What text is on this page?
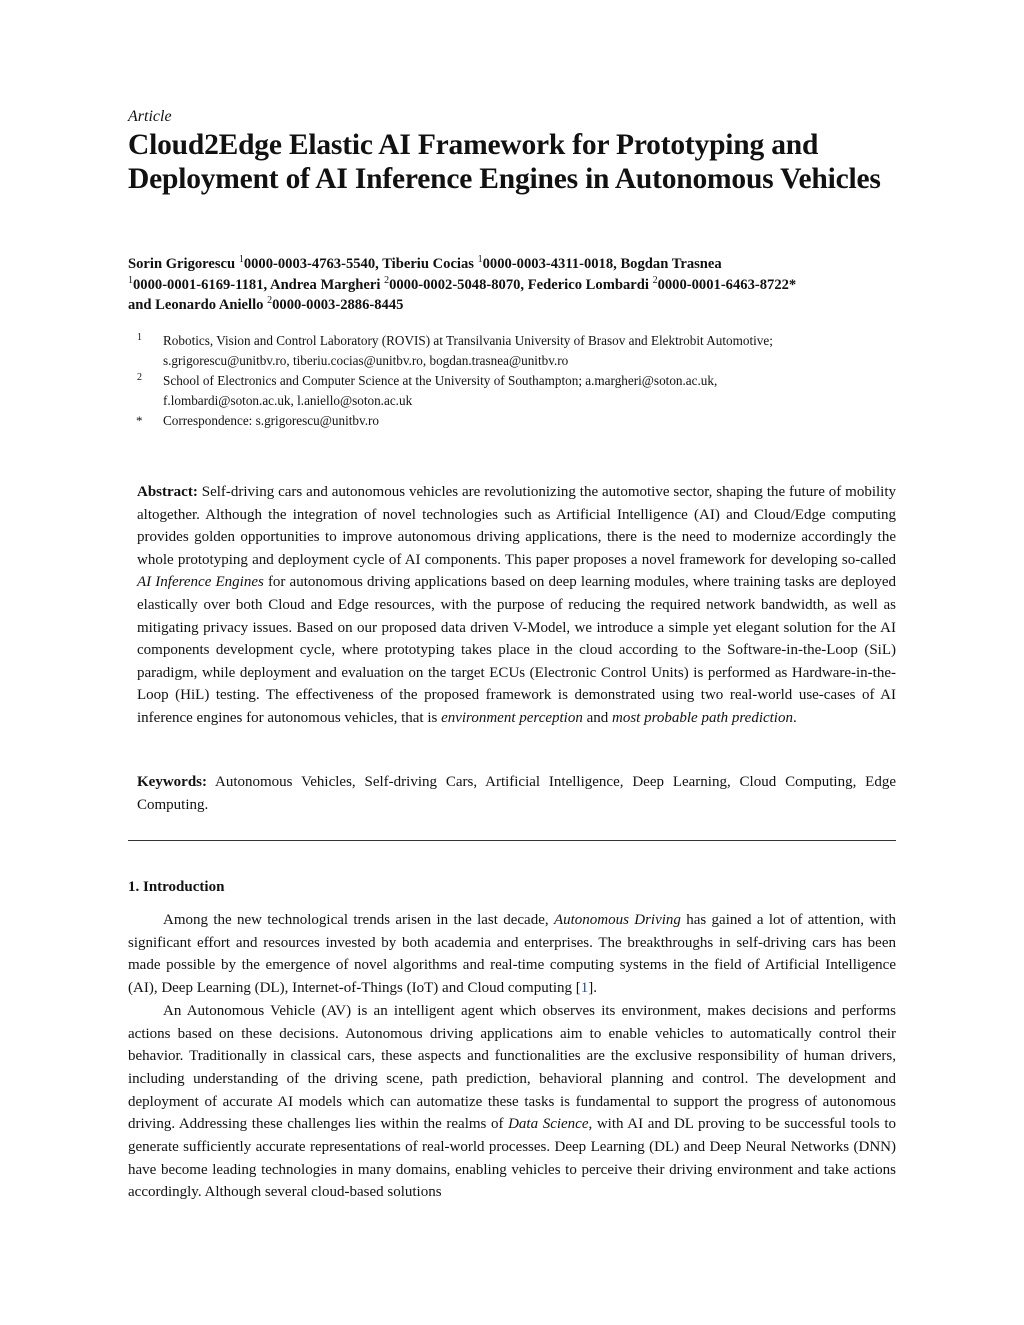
Article
Cloud2Edge Elastic AI Framework for Prototyping and Deployment of AI Inference Engines in Autonomous Vehicles
Sorin Grigorescu $^1$0000-0003-4763-5540, Tiberiu Cocias $^1$0000-0003-4311-0018, Bogdan Trasnea
$^1$0000-0001-6169-1181, Andrea Margheri $^2$0000-0002-5048-8070, Federico Lombardi $^2$0000-0001-6463-8722*
and Leonardo Aniello $^2$0000-0003-2886-8445
1 Robotics, Vision and Control Laboratory (ROVIS) at Transilvania University of Brasov and Elektrobit Automotive;
s.grigorescu@unitbv.ro, tiberiu.cocias@unitbv.ro, bogdan.trasnea@unitbv.ro
2 School of Electronics and Computer Science at the University of Southampton; a.margheri@soton.ac.uk,
f.lombardi@soton.ac.uk, l.aniello@soton.ac.uk
* Correspondence: s.grigorescu@unitbv.ro
Abstract: Self-driving cars and autonomous vehicles are revolutionizing the automotive sector, shaping the future of mobility altogether. Although the integration of novel technologies such as Artificial Intelligence (AI) and Cloud/Edge computing provides golden opportunities to improve autonomous driving applications, there is the need to modernize accordingly the whole prototyping and deployment cycle of AI components. This paper proposes a novel framework for developing so-called AI Inference Engines for autonomous driving applications based on deep learning modules, where training tasks are deployed elastically over both Cloud and Edge resources, with the purpose of reducing the required network bandwidth, as well as mitigating privacy issues. Based on our proposed data driven V-Model, we introduce a simple yet elegant solution for the AI components development cycle, where prototyping takes place in the cloud according to the Software-in-the-Loop (SiL) paradigm, while deployment and evaluation on the target ECUs (Electronic Control Units) is performed as Hardware-in-the-Loop (HiL) testing. The effectiveness of the proposed framework is demonstrated using two real-world use-cases of AI inference engines for autonomous vehicles, that is environment perception and most probable path prediction.
Keywords: Autonomous Vehicles, Self-driving Cars, Artificial Intelligence, Deep Learning, Cloud Computing, Edge Computing.
1. Introduction

Among the new technological trends arisen in the last decade, Autonomous Driving has gained a lot of attention, with significant effort and resources invested by both academia and enterprises. The breakthroughs in self-driving cars has been made possible by the emergence of novel algorithms and real-time computing systems in the field of Artificial Intelligence (AI), Deep Learning (DL), Internet-of-Things (IoT) and Cloud computing [1].

An Autonomous Vehicle (AV) is an intelligent agent which observes its environment, makes decisions and performs actions based on these decisions. Autonomous driving applications aim to enable vehicles to automatically control their behavior. Traditionally in classical cars, these aspects and functionalities are the exclusive responsibility of human drivers, including understanding of the driving scene, path prediction, behavioral planning and control. The development and deployment of accurate AI models which can automatize these tasks is fundamental to support the progress of autonomous driving. Addressing these challenges lies within the realms of Data Science, with AI and DL proving to be successful tools to generate sufficiently accurate representations of real-world processes. Deep Learning (DL) and Deep Neural Networks (DNN) have become leading technologies in many domains, enabling vehicles to perceive their driving environment and take actions accordingly. Although several cloud-based solutions
